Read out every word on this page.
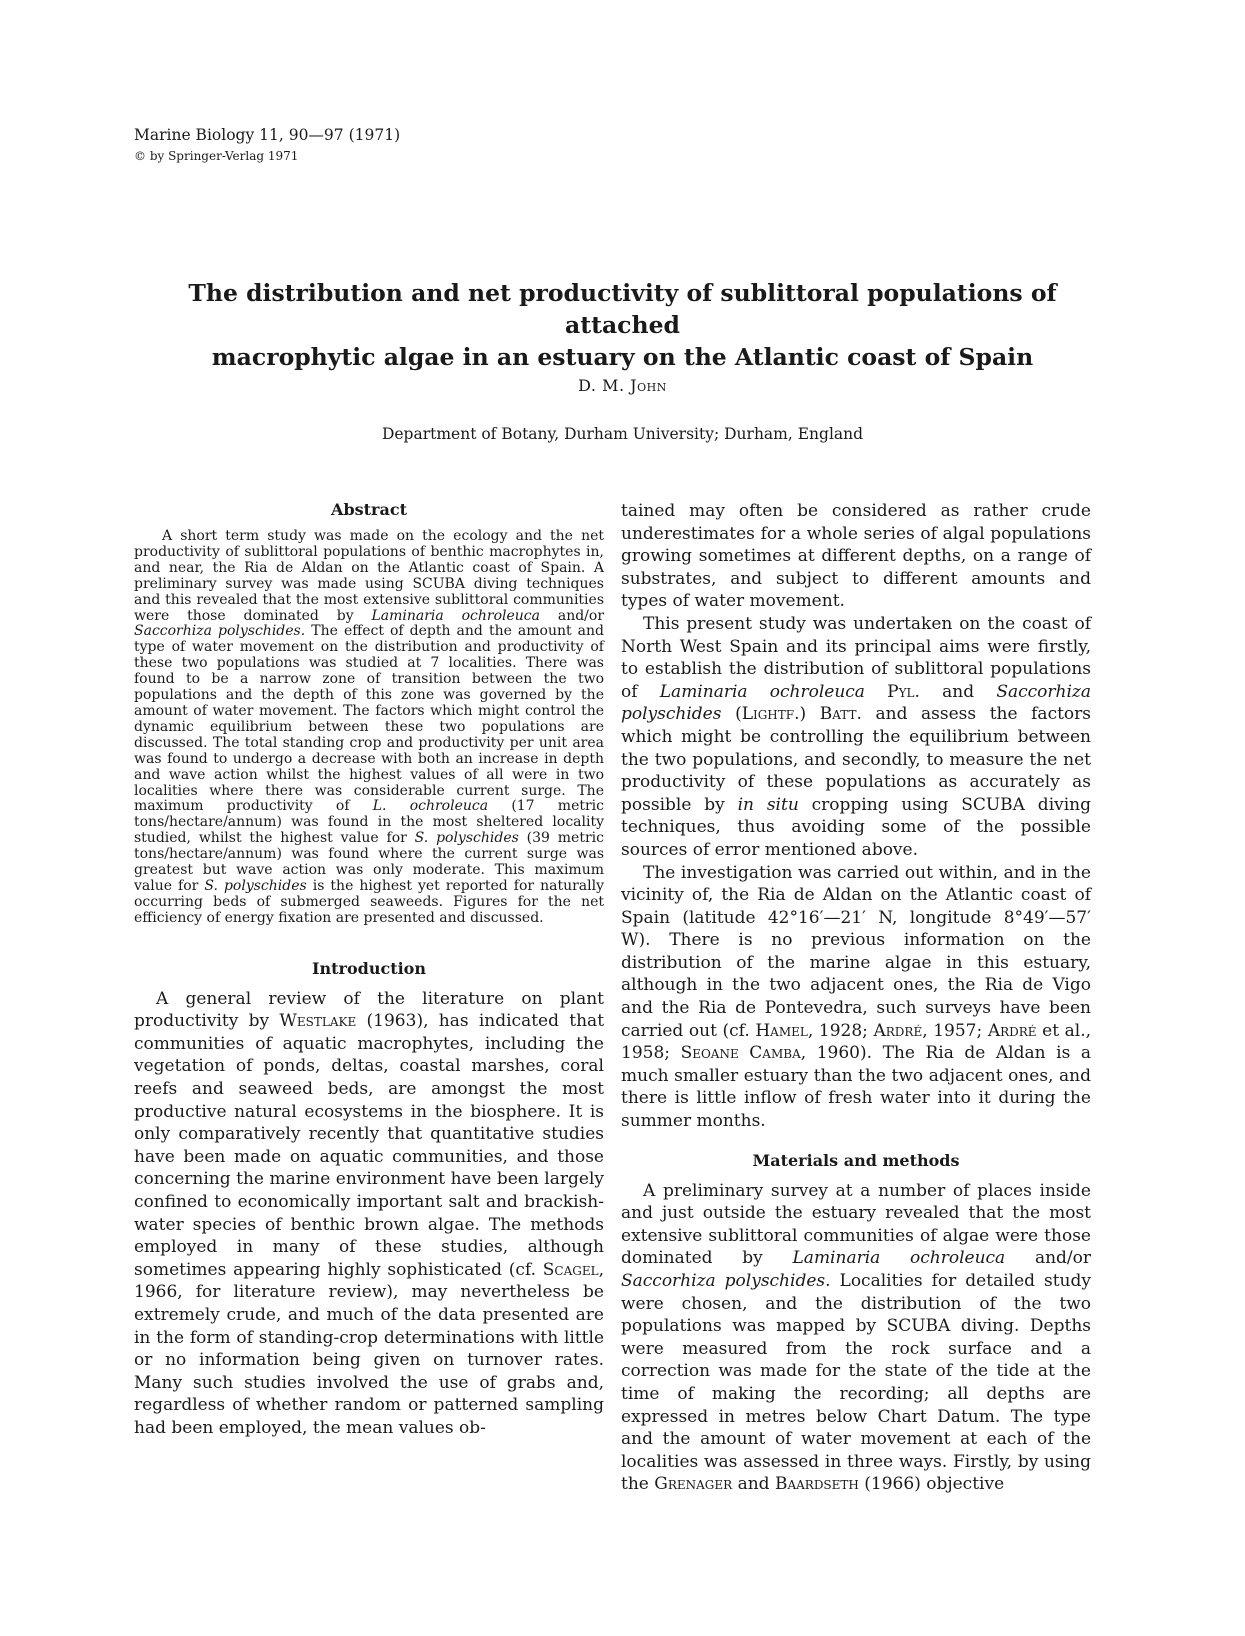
Marine Biology 11, 90—97 (1971)
© by Springer-Verlag 1971
The distribution and net productivity of sublittoral populations of attached
macrophytic algae in an estuary on the Atlantic coast of Spain
D. M. John
Department of Botany, Durham University; Durham, England
Abstract

A short term study was made on the ecology and the net productivity of sublittoral populations of benthic macrophytes in, and near, the Ria de Aldan on the Atlantic coast of Spain. A preliminary survey was made using SCUBA diving techniques and this revealed that the most extensive sublittoral communities were those dominated by Laminaria ochroleuca and/or Saccorhiza polyschides. The effect of depth and the amount and type of water movement on the distribution and productivity of these two populations was studied at 7 localities. There was found to be a narrow zone of transition between the two populations and the depth of this zone was governed by the amount of water movement. The factors which might control the dynamic equilibrium between these two populations are discussed. The total standing crop and productivity per unit area was found to undergo a decrease with both an increase in depth and wave action whilst the highest values of all were in two localities where there was considerable current surge. The maximum productivity of L. ochroleuca (17 metric tons/hectare/annum) was found in the most sheltered locality studied, whilst the highest value for S. polyschides (39 metric tons/hectare/annum) was found where the current surge was greatest but wave action was only moderate. This maximum value for S. polyschides is the highest yet reported for naturally occurring beds of submerged seaweeds. Figures for the net efficiency of energy fixation are presented and discussed.

Introduction

A general review of the literature on plant productivity by Westlake (1963), has indicated that communities of aquatic macrophytes, including the vegetation of ponds, deltas, coastal marshes, coral reefs and seaweed beds, are amongst the most productive natural ecosystems in the biosphere. It is only comparatively recently that quantitative studies have been made on aquatic communities, and those concerning the marine environment have been largely confined to economically important salt and brackish-water species of benthic brown algae. The methods employed in many of these studies, although sometimes appearing highly sophisticated (cf. Scagel, 1966, for literature review), may nevertheless be extremely crude, and much of the data presented are in the form of standing-crop determinations with little or no information being given on turnover rates. Many such studies involved the use of grabs and, regardless of whether random or patterned sampling had been employed, the mean values ob-

tained may often be considered as rather crude underestimates for a whole series of algal populations growing sometimes at different depths, on a range of substrates, and subject to different amounts and types of water movement.

This present study was undertaken on the coast of North West Spain and its principal aims were firstly, to establish the distribution of sublittoral populations of Laminaria ochroleuca Pyl. and Saccorhiza polyschides (Lightf.) Batt. and assess the factors which might be controlling the equilibrium between the two populations, and secondly, to measure the net productivity of these populations as accurately as possible by in situ cropping using SCUBA diving techniques, thus avoiding some of the possible sources of error mentioned above.

The investigation was carried out within, and in the vicinity of, the Ria de Aldan on the Atlantic coast of Spain (latitude 42°16′—21′ N, longitude 8°49′—57′ W). There is no previous information on the distribution of the marine algae in this estuary, although in the two adjacent ones, the Ria de Vigo and the Ria de Pontevedra, such surveys have been carried out (cf. Hamel, 1928; Ardré, 1957; Ardré et al., 1958; Seoane Camba, 1960). The Ria de Aldan is a much smaller estuary than the two adjacent ones, and there is little inflow of fresh water into it during the summer months.

Materials and methods

A preliminary survey at a number of places inside and just outside the estuary revealed that the most extensive sublittoral communities of algae were those dominated by Laminaria ochroleuca and/or Saccorhiza polyschides. Localities for detailed study were chosen, and the distribution of the two populations was mapped by SCUBA diving. Depths were measured from the rock surface and a correction was made for the state of the tide at the time of making the recording; all depths are expressed in metres below Chart Datum. The type and the amount of water movement at each of the localities was assessed in three ways. Firstly, by using the Grenager and Baardseth (1966) objective
